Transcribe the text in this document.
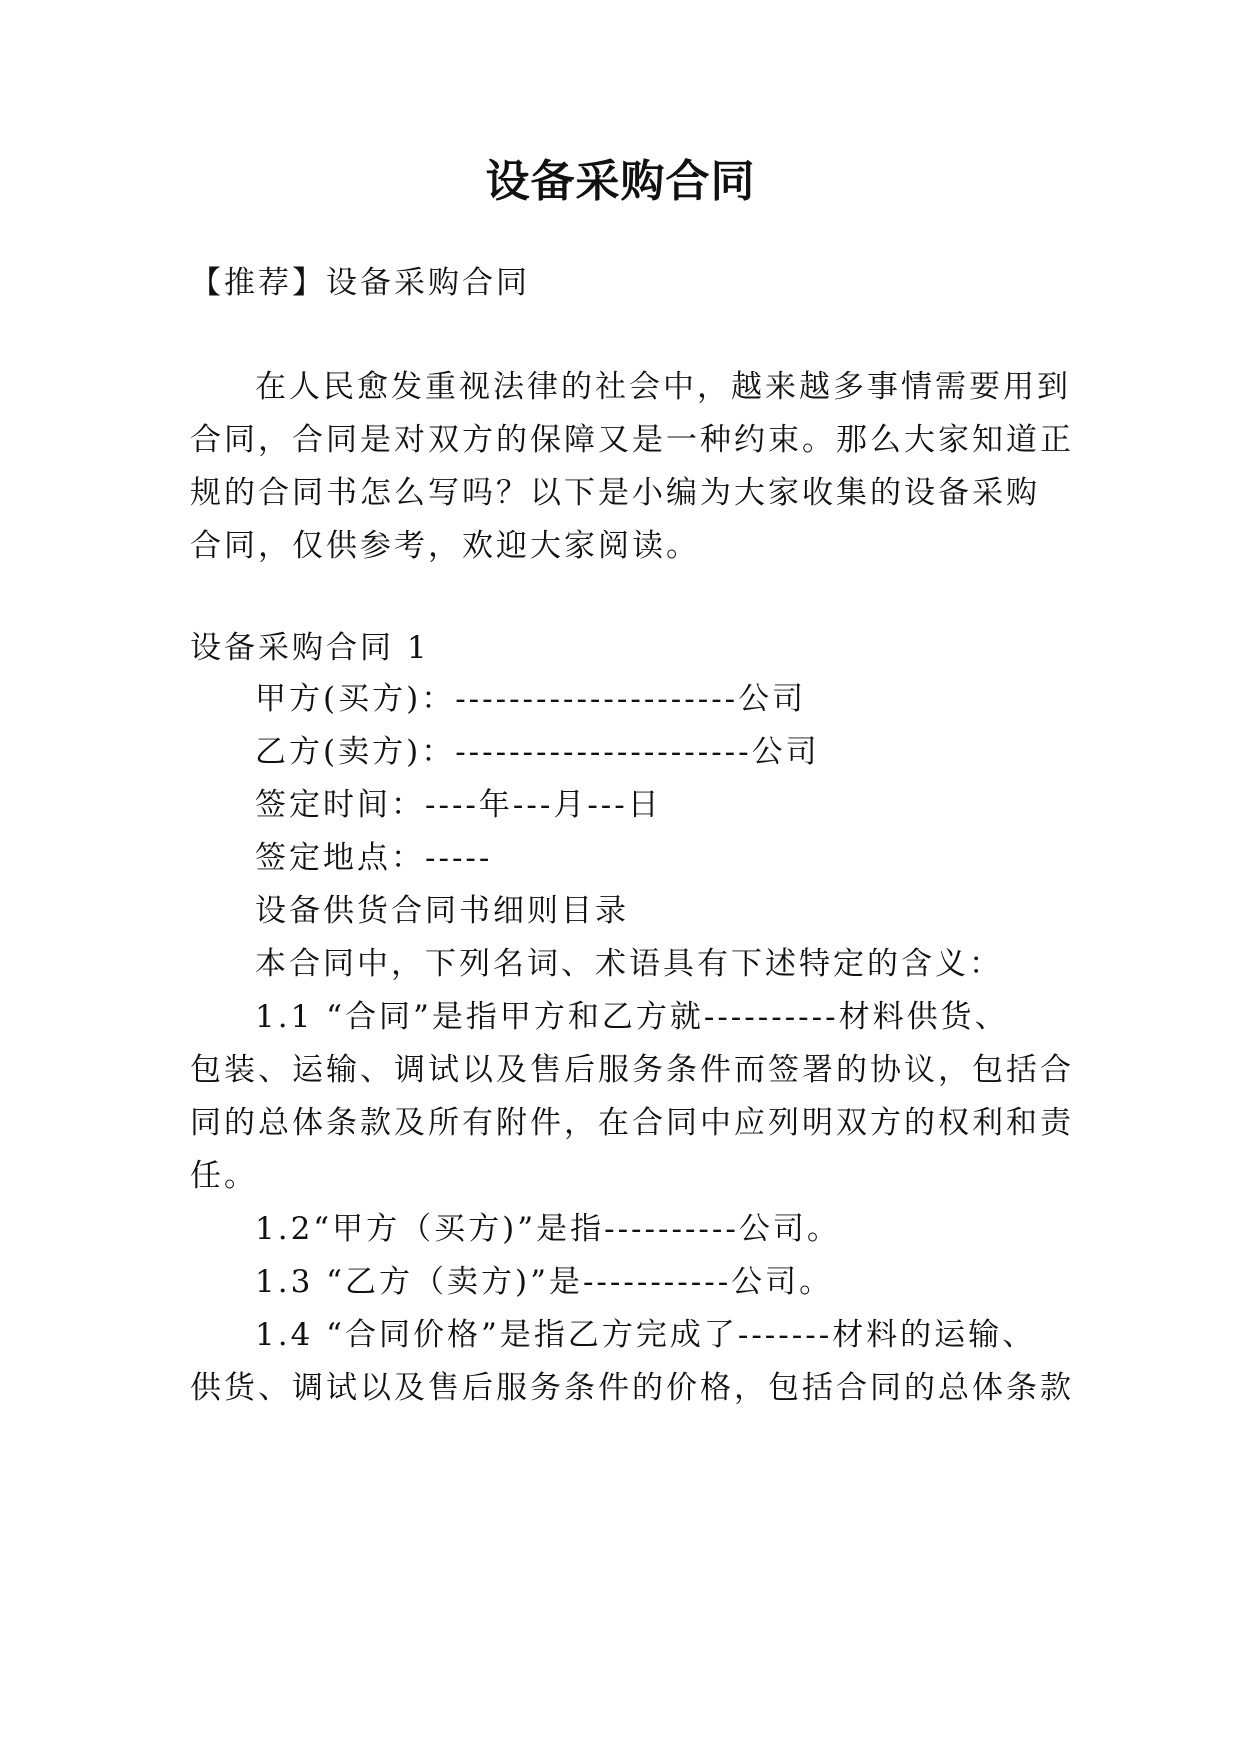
设备采购合同
【推荐】设备采购合同
在人民愈发重视法律的社会中，越来越多事情需要用到
合同，合同是对双方的保障又是一种约束。那么大家知道正
规的合同书怎么写吗？以下是小编为大家收集的设备采购
合同，仅供参考，欢迎大家阅读。
设备采购合同 1
甲方(买方)：---------------------公司
乙方(卖方)：----------------------公司
签定时间：----年---月---日
签定地点：-----
设备供货合同书细则目录
本合同中，下列名词、术语具有下述特定的含义：
1.1 “合同”是指甲方和乙方就----------材料供货、
包装、运输、调试以及售后服务条件而签署的协议，包括合
同的总体条款及所有附件，在合同中应列明双方的权利和责
任。
1.2“甲方（买方)”是指----------公司。
1.3 “乙方（卖方)”是-----------公司。
1.4 “合同价格”是指乙方完成了-------材料的运输、
供货、调试以及售后服务条件的价格，包括合同的总体条款
